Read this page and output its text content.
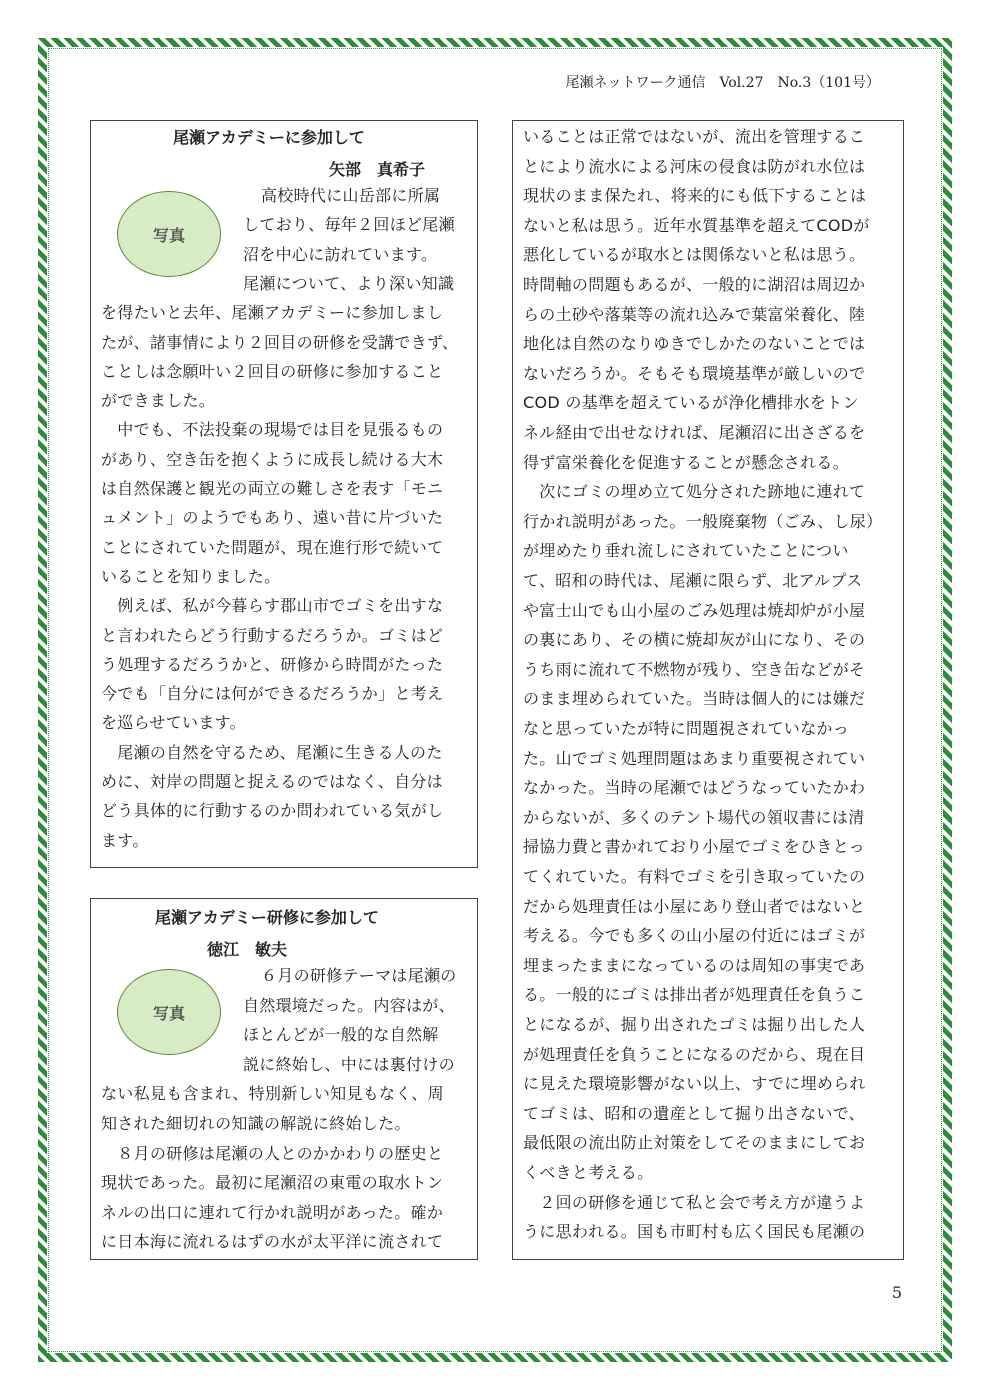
尾瀬ネットワーク通信　Vol.27　No.3（101号）
尾瀬アカデミーに参加して
矢部　真希子
写真
高校時代に山岳部に所属
しており、毎年２回ほど尾瀬
沼を中心に訪れています。
尾瀬について、より深い知識
を得たいと去年、尾瀬アカデミーに参加しまし
たが、諸事情により２回目の研修を受講できず、
ことしは念願叶い２回目の研修に参加すること
ができました。
　中でも、不法投棄の現場では目を見張るもの
があり、空き缶を抱くように成長し続ける大木
は自然保護と観光の両立の難しさを表す「モニ
ュメント」のようでもあり、遠い昔に片づいた
ことにされていた問題が、現在進行形で続いて
いることを知りました。
　例えば、私が今暮らす郡山市でゴミを出すな
と言われたらどう行動するだろうか。ゴミはど
う処理するだろうかと、研修から時間がたった
今でも「自分には何ができるだろうか」と考え
を巡らせています。
　尾瀬の自然を守るため、尾瀬に生きる人のた
めに、対岸の問題と捉えるのではなく、自分は
どう具体的に行動するのか問われている気がし
ます。
尾瀬アカデミー研修に参加して
徳江　敏夫
写真
６月の研修テーマは尾瀬の
自然環境だった。内容はが、
ほとんどが一般的な自然解
説に終始し、中には裏付けの
ない私見も含まれ、特別新しい知見もなく、周
知された細切れの知識の解説に終始した。
　８月の研修は尾瀬の人とのかかわりの歴史と
現状であった。最初に尾瀬沼の東電の取水トン
ネルの出口に連れて行かれ説明があった。確か
に日本海に流れるはずの水が太平洋に流されて
いることは正常ではないが、流出を管理するこ
とにより流水による河床の侵食は防がれ水位は
現状のまま保たれ、将来的にも低下することは
ないと私は思う。近年水質基準を超えてCODが
悪化しているが取水とは関係ないと私は思う。
時間軸の問題もあるが、一般的に湖沼は周辺か
らの土砂や落葉等の流れ込みで葉富栄養化、陸
地化は自然のなりゆきでしかたのないことでは
ないだろうか。そもそも環境基準が厳しいので
COD の基準を超えているが浄化槽排水をトン
ネル経由で出せなければ、尾瀬沼に出さざるを
得ず富栄養化を促進することが懸念される。
　次にゴミの埋め立て処分された跡地に連れて
行かれ説明があった。一般廃棄物（ごみ、し尿）
が埋めたり垂れ流しにされていたことについ
て、昭和の時代は、尾瀬に限らず、北アルプス
や富士山でも山小屋のごみ処理は焼却炉が小屋
の裏にあり、その横に焼却灰が山になり、その
うち雨に流れて不燃物が残り、空き缶などがそ
のまま埋められていた。当時は個人的には嫌だ
なと思っていたが特に問題視されていなかっ
た。山でゴミ処理問題はあまり重要視されてい
なかった。当時の尾瀬ではどうなっていたかわ
からないが、多くのテント場代の領収書には清
掃協力費と書かれており小屋でゴミをひきとっ
てくれていた。有料でゴミを引き取っていたの
だから処理責任は小屋にあり登山者ではないと
考える。今でも多くの山小屋の付近にはゴミが
埋まったままになっているのは周知の事実であ
る。一般的にゴミは排出者が処理責任を負うこ
とになるが、掘り出されたゴミは掘り出した人
が処理責任を負うことになるのだから、現在目
に見えた環境影響がない以上、すでに埋められ
てゴミは、昭和の遺産として掘り出さないで、
最低限の流出防止対策をしてそのままにしてお
くべきと考える。
　２回の研修を通じて私と会で考え方が違うよ
うに思われる。国も市町村も広く国民も尾瀬の
5
